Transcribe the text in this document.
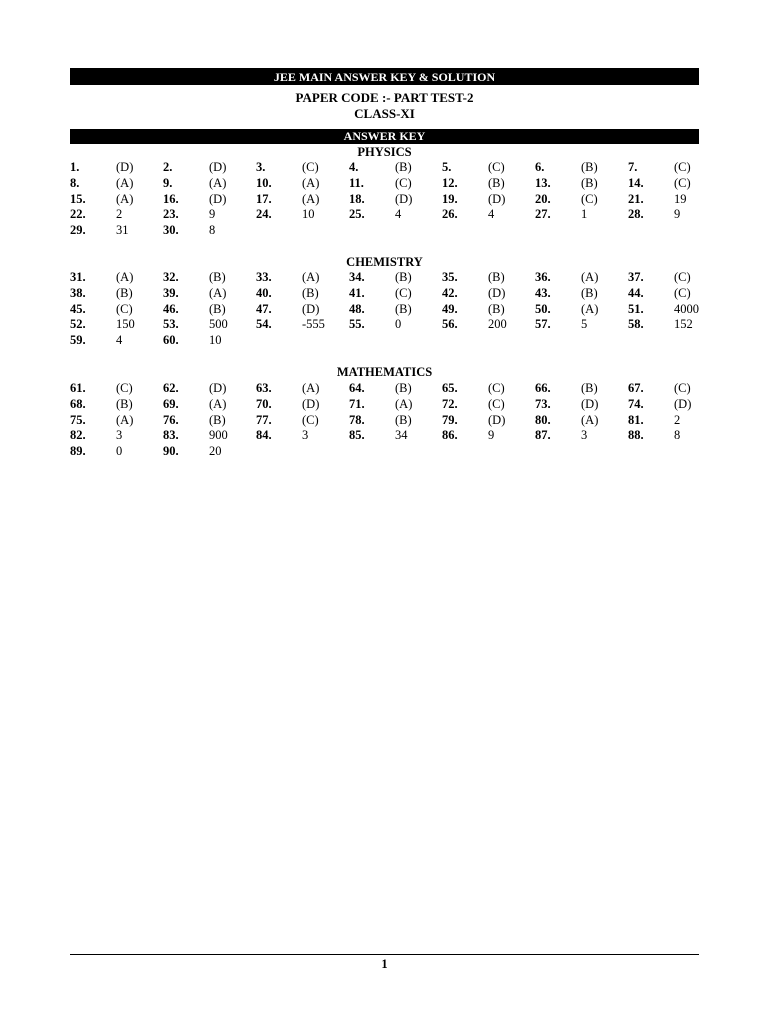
JEE MAIN ANSWER KEY & SOLUTION
PAPER CODE :- PART TEST-2
CLASS-XI
ANSWER KEY
PHYSICS
1.	(D) 2.	(D) 3.	(C) 4.	(B) 5.	(C) 6.	(B) 7.	(C)
8.	(A) 9.	(A) 10. (A) 11. (C) 12. (B) 13. (B) 14. (C)
15. (A) 16. (D) 17. (A) 18. (D) 19. (D) 20. (C) 21. 19
22. 2	23. 9	24. 10	25. 4	26. 4	27. 1	28. 9
29. 31	30. 8
CHEMISTRY
31. (A) 32. (B) 33. (A) 34. (B) 35. (B) 36. (A) 37. (C)
38. (B) 39. (A) 40. (B) 41. (C) 42. (D) 43. (B) 44. (C)
45. (C) 46. (B) 47. (D) 48. (B) 49. (B) 50. (A) 51. 4000
52. 150 53. 500 54. -555 55. 0	56. 200 57. 5	58. 152
59. 4	60. 10
MATHEMATICS
61. (C) 62. (D) 63. (A) 64. (B) 65. (C) 66. (B) 67. (C)
68. (B) 69. (A) 70. (D) 71. (A) 72. (C) 73. (D) 74. (D)
75. (A) 76. (B) 77. (C) 78. (B) 79. (D) 80. (A) 81. 2
82. 3	83. 900 84. 3	85. 34	86. 9	87. 3	88. 8
89. 0	90. 20
1
